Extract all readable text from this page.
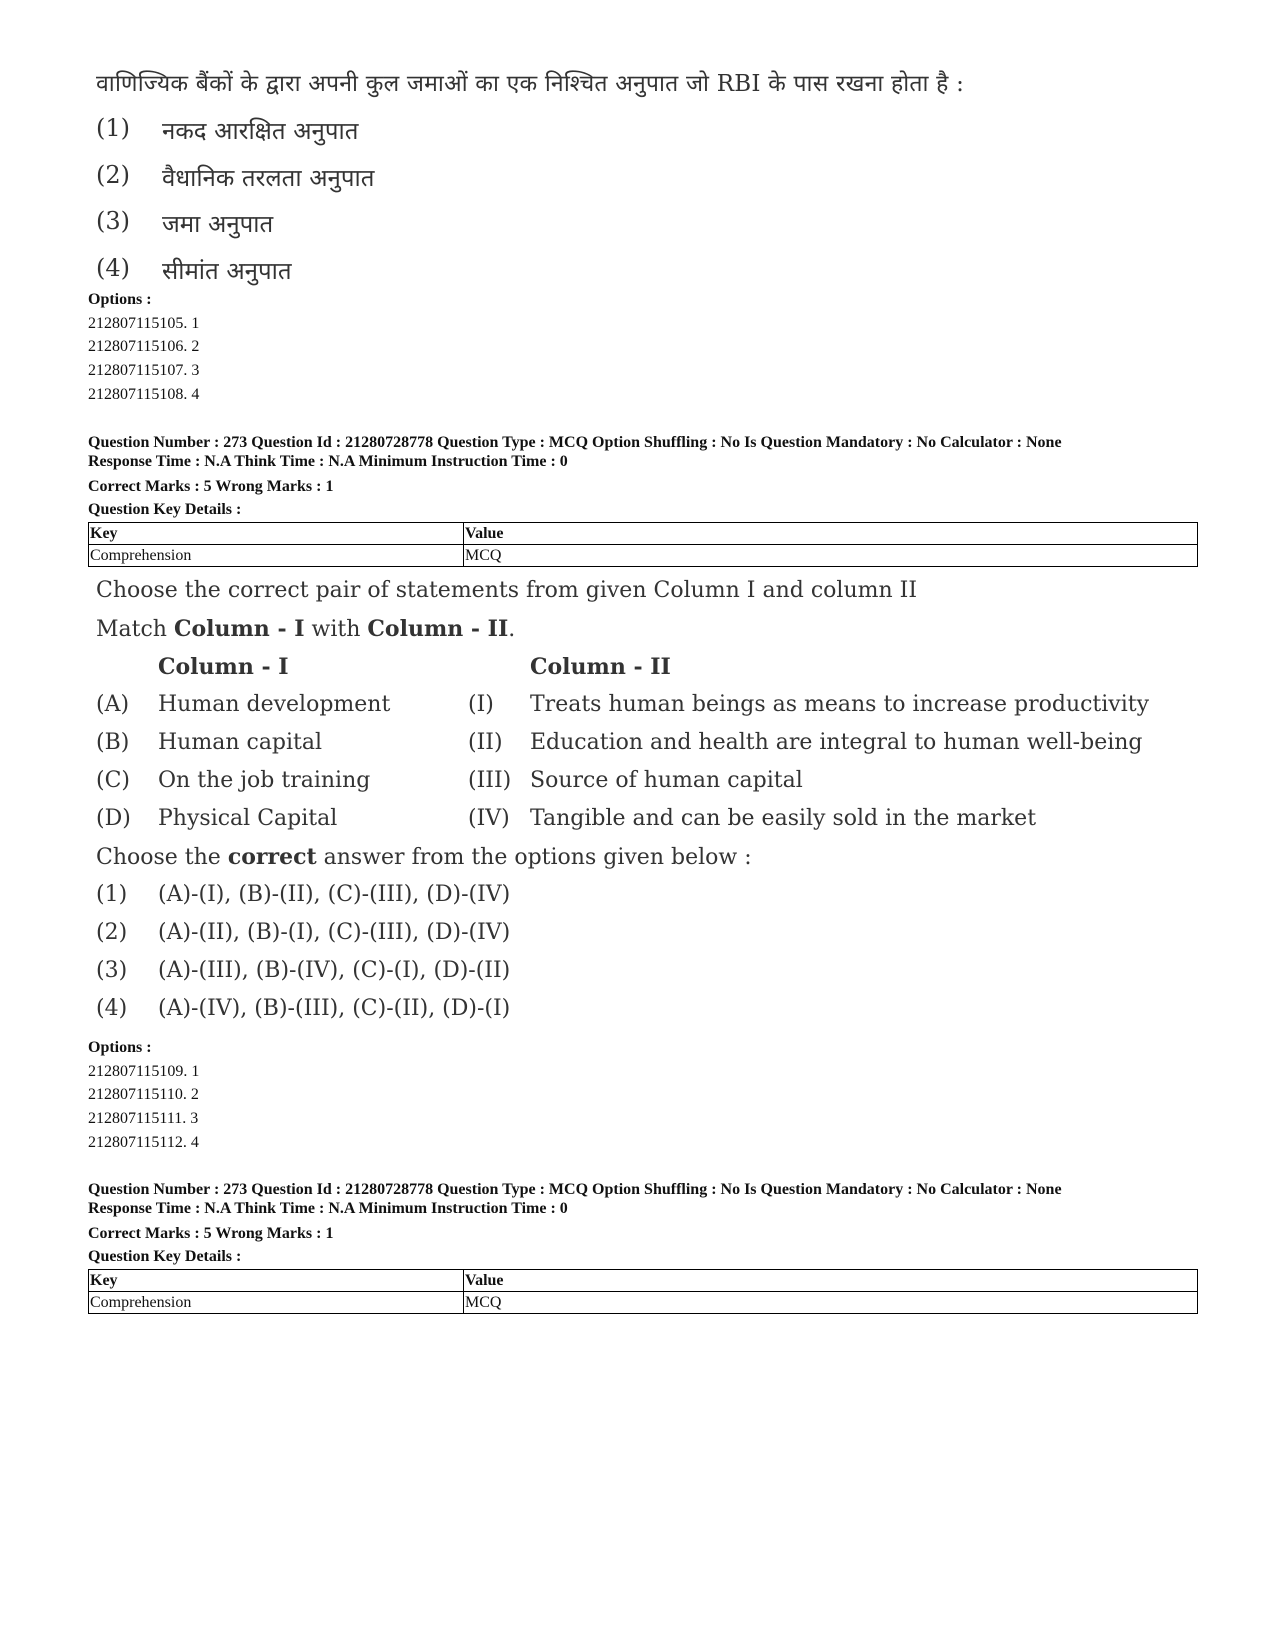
वाणिज्यिक बैंकों के द्वारा अपनी कुल जमाओं का एक निश्चित अनुपात जो RBI के पास रखना होता है :
(1)	नकद आरक्षित अनुपात
(2)	वैधानिक तरलता अनुपात
(3)	जमा अनुपात
(4)	सीमांत अनुपात
Options :
212807115105. 1
212807115106. 2
212807115107. 3
212807115108. 4
Question Number : 273 Question Id : 21280728778 Question Type : MCQ Option Shuffling : No Is Question Mandatory : No Calculator : None
Response Time : N.A Think Time : N.A Minimum Instruction Time : 0
Correct Marks : 5 Wrong Marks : 1
Question Key Details :
Key	Value
Comprehension	MCQ
Choose the correct pair of statements from given Column I and column II
Match Column - I with Column - II.
Column - I	Column - II
(A)	Human development	(I)	Treats human beings as means to increase productivity
(B)	Human capital	(II)	Education and health are integral to human well-being
(C)	On the job training	(III) Source of human capital
(D)	Physical Capital	(IV) Tangible and can be easily sold in the market
Choose the correct answer from the options given below :
(1)	(A)-(I), (B)-(II), (C)-(III), (D)-(IV)
(2)	(A)-(II), (B)-(I), (C)-(III), (D)-(IV)
(3)	(A)-(III), (B)-(IV), (C)-(I), (D)-(II)
(4)	(A)-(IV), (B)-(III), (C)-(II), (D)-(I)
Options :
212807115109. 1
212807115110. 2
212807115111. 3
212807115112. 4
Question Number : 273 Question Id : 21280728778 Question Type : MCQ Option Shuffling : No Is Question Mandatory : No Calculator : None
Response Time : N.A Think Time : N.A Minimum Instruction Time : 0
Correct Marks : 5 Wrong Marks : 1
Question Key Details :
Key	Value
Comprehension	MCQ
